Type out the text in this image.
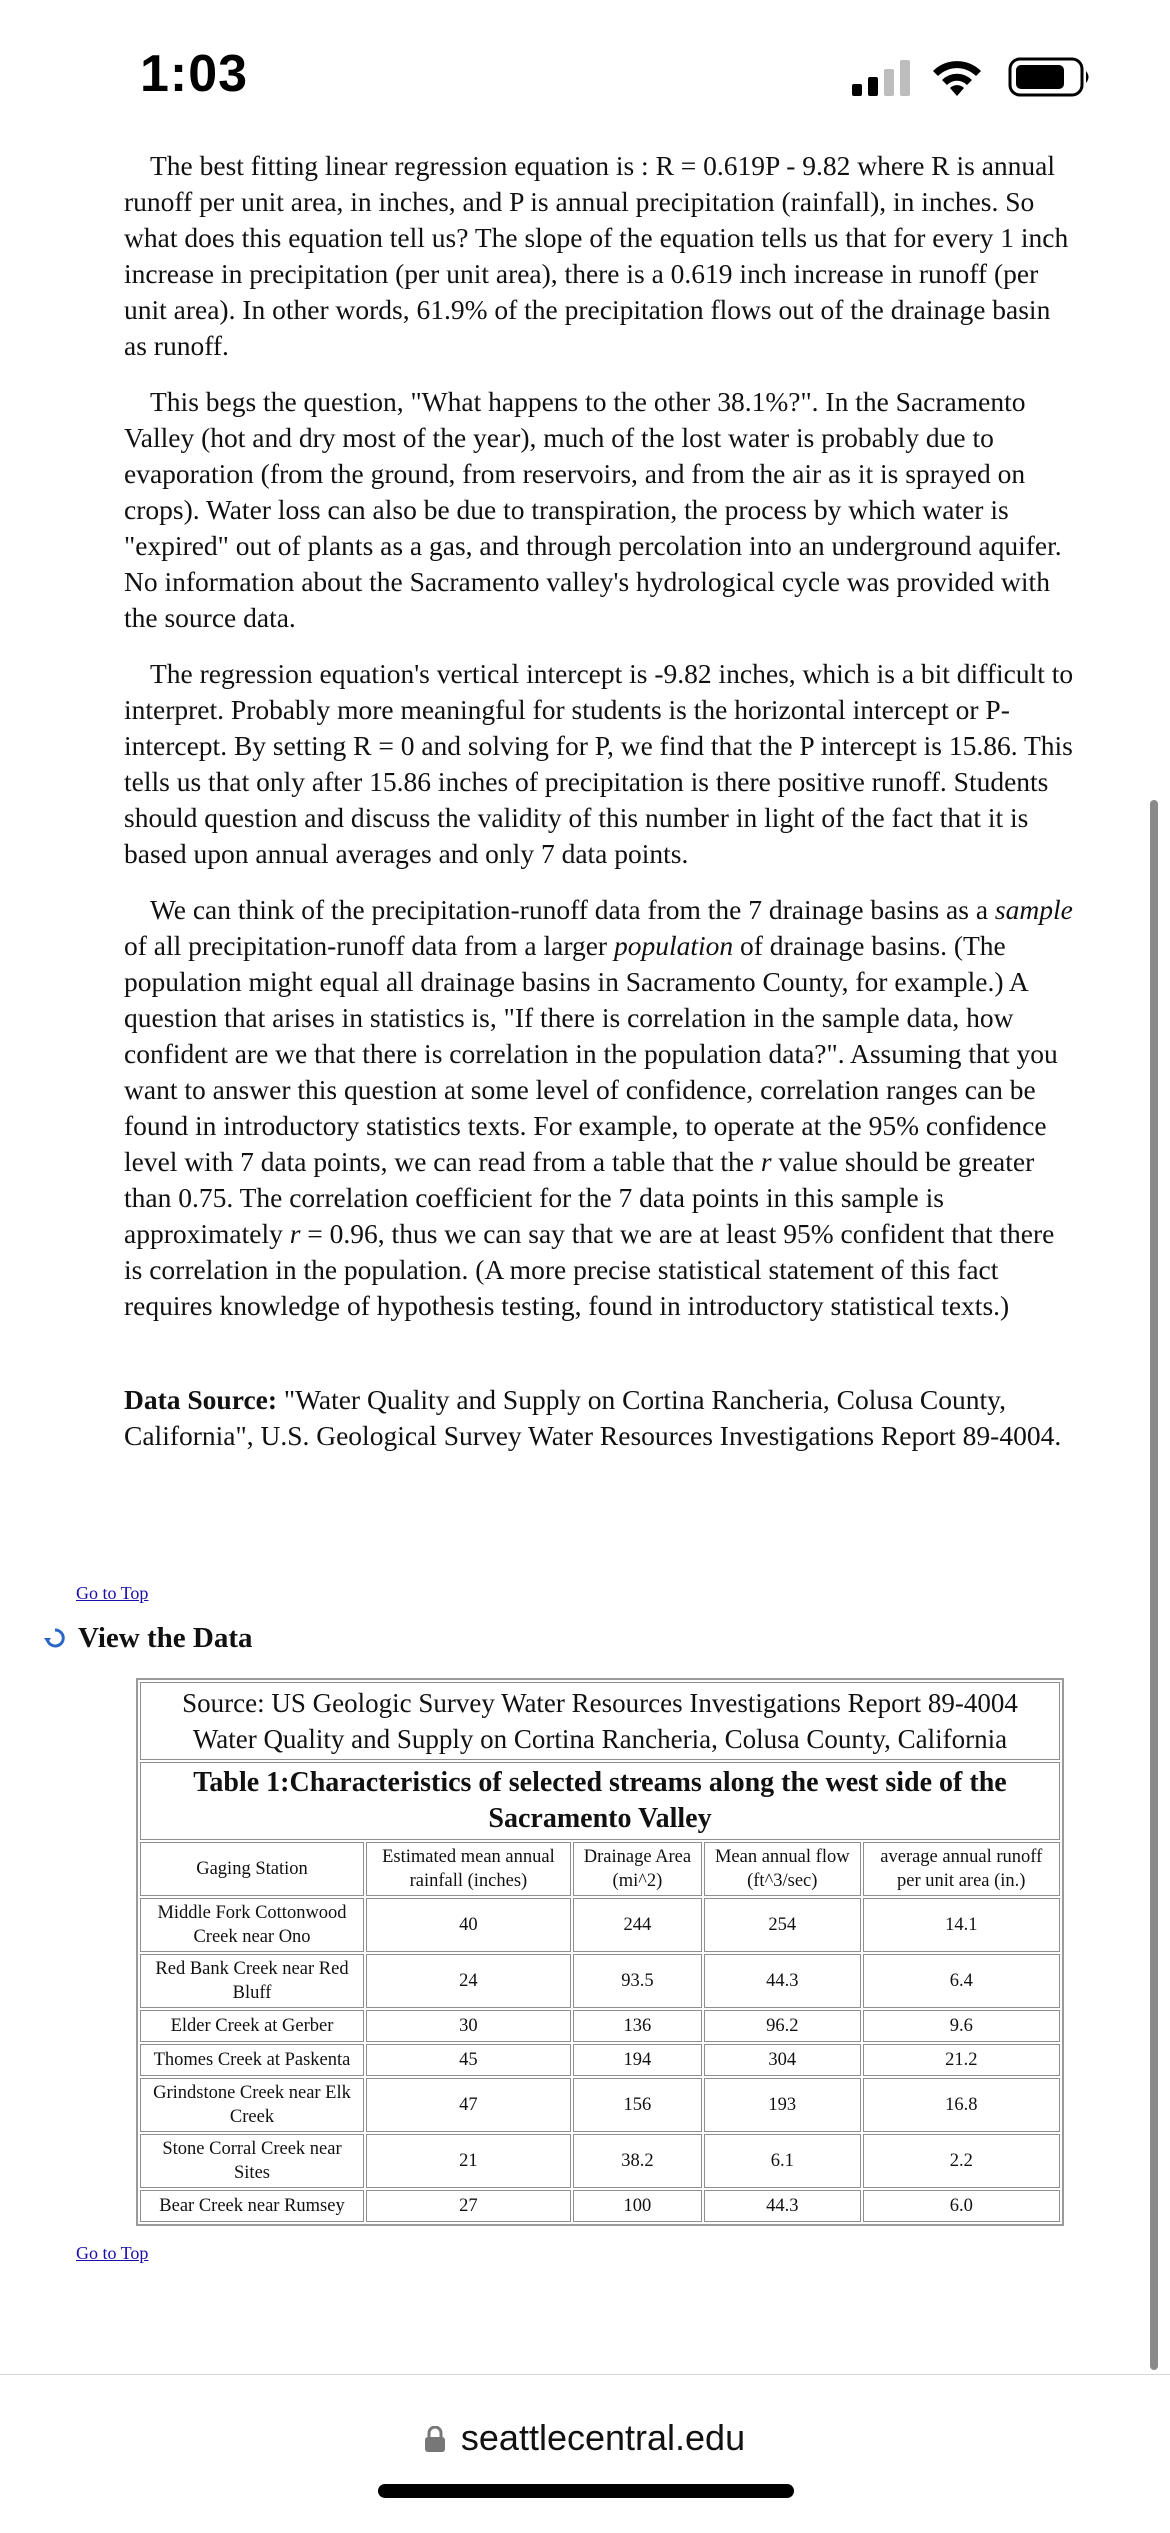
1:03

The best fitting linear regression equation is : R = 0.619P - 9.82 where R is annual runoff per unit area, in inches, and P is annual precipitation (rainfall), in inches. So what does this equation tell us? The slope of the equation tells us that for every 1 inch increase in precipitation (per unit area), there is a 0.619 inch increase in runoff (per unit area). In other words, 61.9% of the precipitation flows out of the drainage basin as runoff.

This begs the question, "What happens to the other 38.1%?". In the Sacramento Valley (hot and dry most of the year), much of the lost water is probably due to evaporation (from the ground, from reservoirs, and from the air as it is sprayed on crops). Water loss can also be due to transpiration, the process by which water is "expired" out of plants as a gas, and through percolation into an underground aquifer. No information about the Sacramento valley's hydrological cycle was provided with the source data.

The regression equation's vertical intercept is -9.82 inches, which is a bit difficult to interpret. Probably more meaningful for students is the horizontal intercept or P- intercept. By setting R = 0 and solving for P, we find that the P intercept is 15.86. This tells us that only after 15.86 inches of precipitation is there positive runoff. Students should question and discuss the validity of this number in light of the fact that it is based upon annual averages and only 7 data points.

We can think of the precipitation-runoff data from the 7 drainage basins as a sample of all precipitation-runoff data from a larger population of drainage basins. (The population might equal all drainage basins in Sacramento County, for example.) A question that arises in statistics is, "If there is correlation in the sample data, how confident are we that there is correlation in the population data?". Assuming that you want to answer this question at some level of confidence, correlation ranges can be found in introductory statistics texts. For example, to operate at the 95% confidence level with 7 data points, we can read from a table that the r value should be greater than 0.75. The correlation coefficient for the 7 data points in this sample is approximately r = 0.96, thus we can say that we are at least 95% confident that there is correlation in the population. (A more precise statistical statement of this fact requires knowledge of hypothesis testing, found in introductory statistical texts.)

Data Source: "Water Quality and Supply on Cortina Rancheria, Colusa County, California", U.S. Geological Survey Water Resources Investigations Report 89-4004.

Go to Top
View the Data
Source: US Geologic Survey Water Resources Investigations Report 89-4004
Water Quality and Supply on Cortina Rancheria, Colusa County, California				

Table 1:Characteristics of selected streams along the west side of the Sacramento Valley				
Gaging Station	Estimated mean annual rainfall (inches)	Drainage Area (mi^2)	Mean annual flow (ft^3/sec)	average annual runoff per unit area (in.)
Middle Fork Cottonwood Creek near Ono	40	244	254	14.1
Red Bank Creek near Red Bluff	24	93.5	44.3	6.4
Elder Creek at Gerber	30	136	96.2	9.6
Thomes Creek at Paskenta	45	194	304	21.2
Grindstone Creek near Elk Creek	47	156	193	16.8
Stone Corral Creek near Sites	21	38.2	6.1	2.2
Bear Creek near Rumsey	27	100	44.3	6.0
Go to Top
seattlecentral.edu
